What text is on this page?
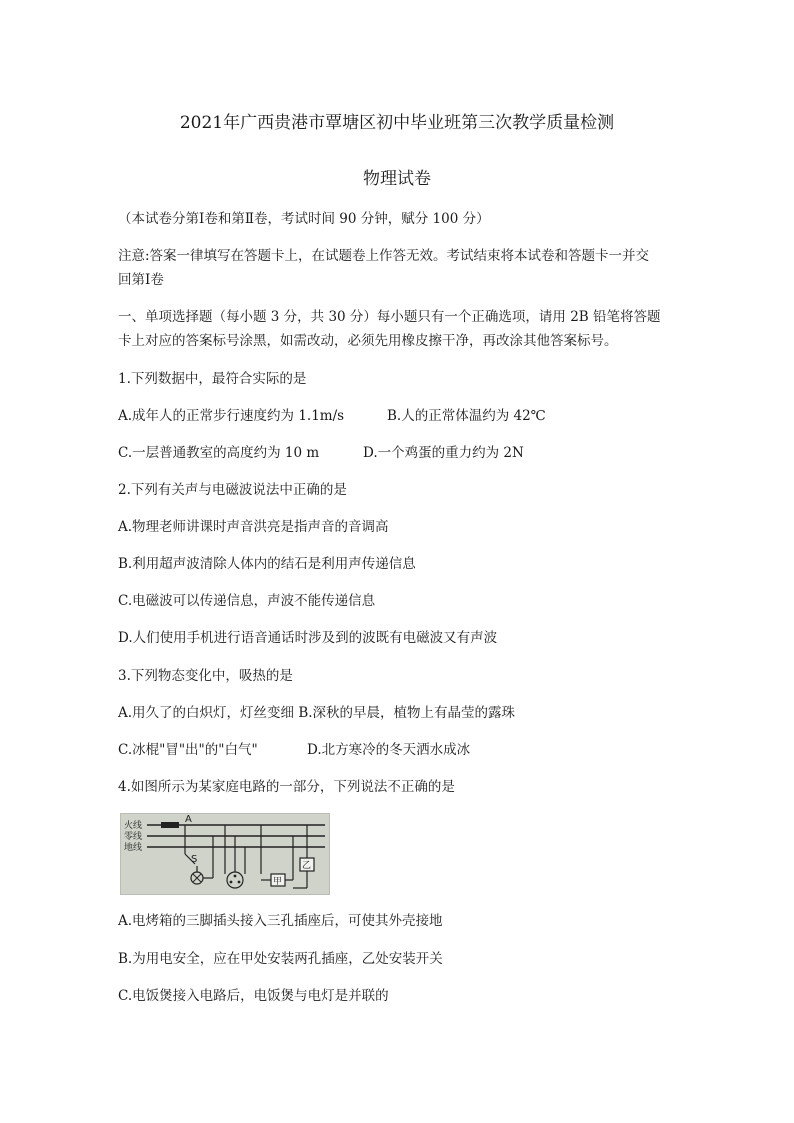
2021年广西贵港市覃塘区初中毕业班第三次教学质量检测
物理试卷
（本试卷分第Ⅰ卷和第Ⅱ卷，考试时间 90 分钟，赋分 100 分）
注意:答案一律填写在答题卡上，在试题卷上作答无效。考试结束将本试卷和答题卡一并交
回第Ⅰ卷
一、单项选择题（每小题 3 分，共 30 分）每小题只有一个正确选项，请用 2B 铅笔将答题
卡上对应的答案标号涂黑，如需改动，必须先用橡皮擦干净，再改涂其他答案标号。
1.下列数据中，最符合实际的是
A.成年人的正常步行速度约为 1.1m/s	B.人的正常体温约为 42℃
C.一层普通教室的高度约为 10 m	D.一个鸡蛋的重力约为 2N
2.下列有关声与电磁波说法中正确的是
A.物理老师讲课时声音洪亮是指声音的音调高
B.利用超声波清除人体内的结石是利用声传递信息
C.电磁波可以传递信息，声波不能传递信息
D.人们使用手机进行语音通话时涉及到的波既有电磁波又有声波
3.下列物态变化中，吸热的是
A.用久了的白炽灯，灯丝变细 B.深秋的早晨，植物上有晶莹的露珠
C.冰棍"冒"出"的"白气"	D.北方寒冷的冬天洒水成冰
4.如图所示为某家庭电路的一部分，下列说法不正确的是
火线
零线
地线
A
S
甲
乙
A.电烤箱的三脚插头接入三孔插座后，可使其外壳接地
B.为用电安全，应在甲处安装两孔插座，乙处安装开关
C.电饭煲接入电路后，电饭煲与电灯是并联的
